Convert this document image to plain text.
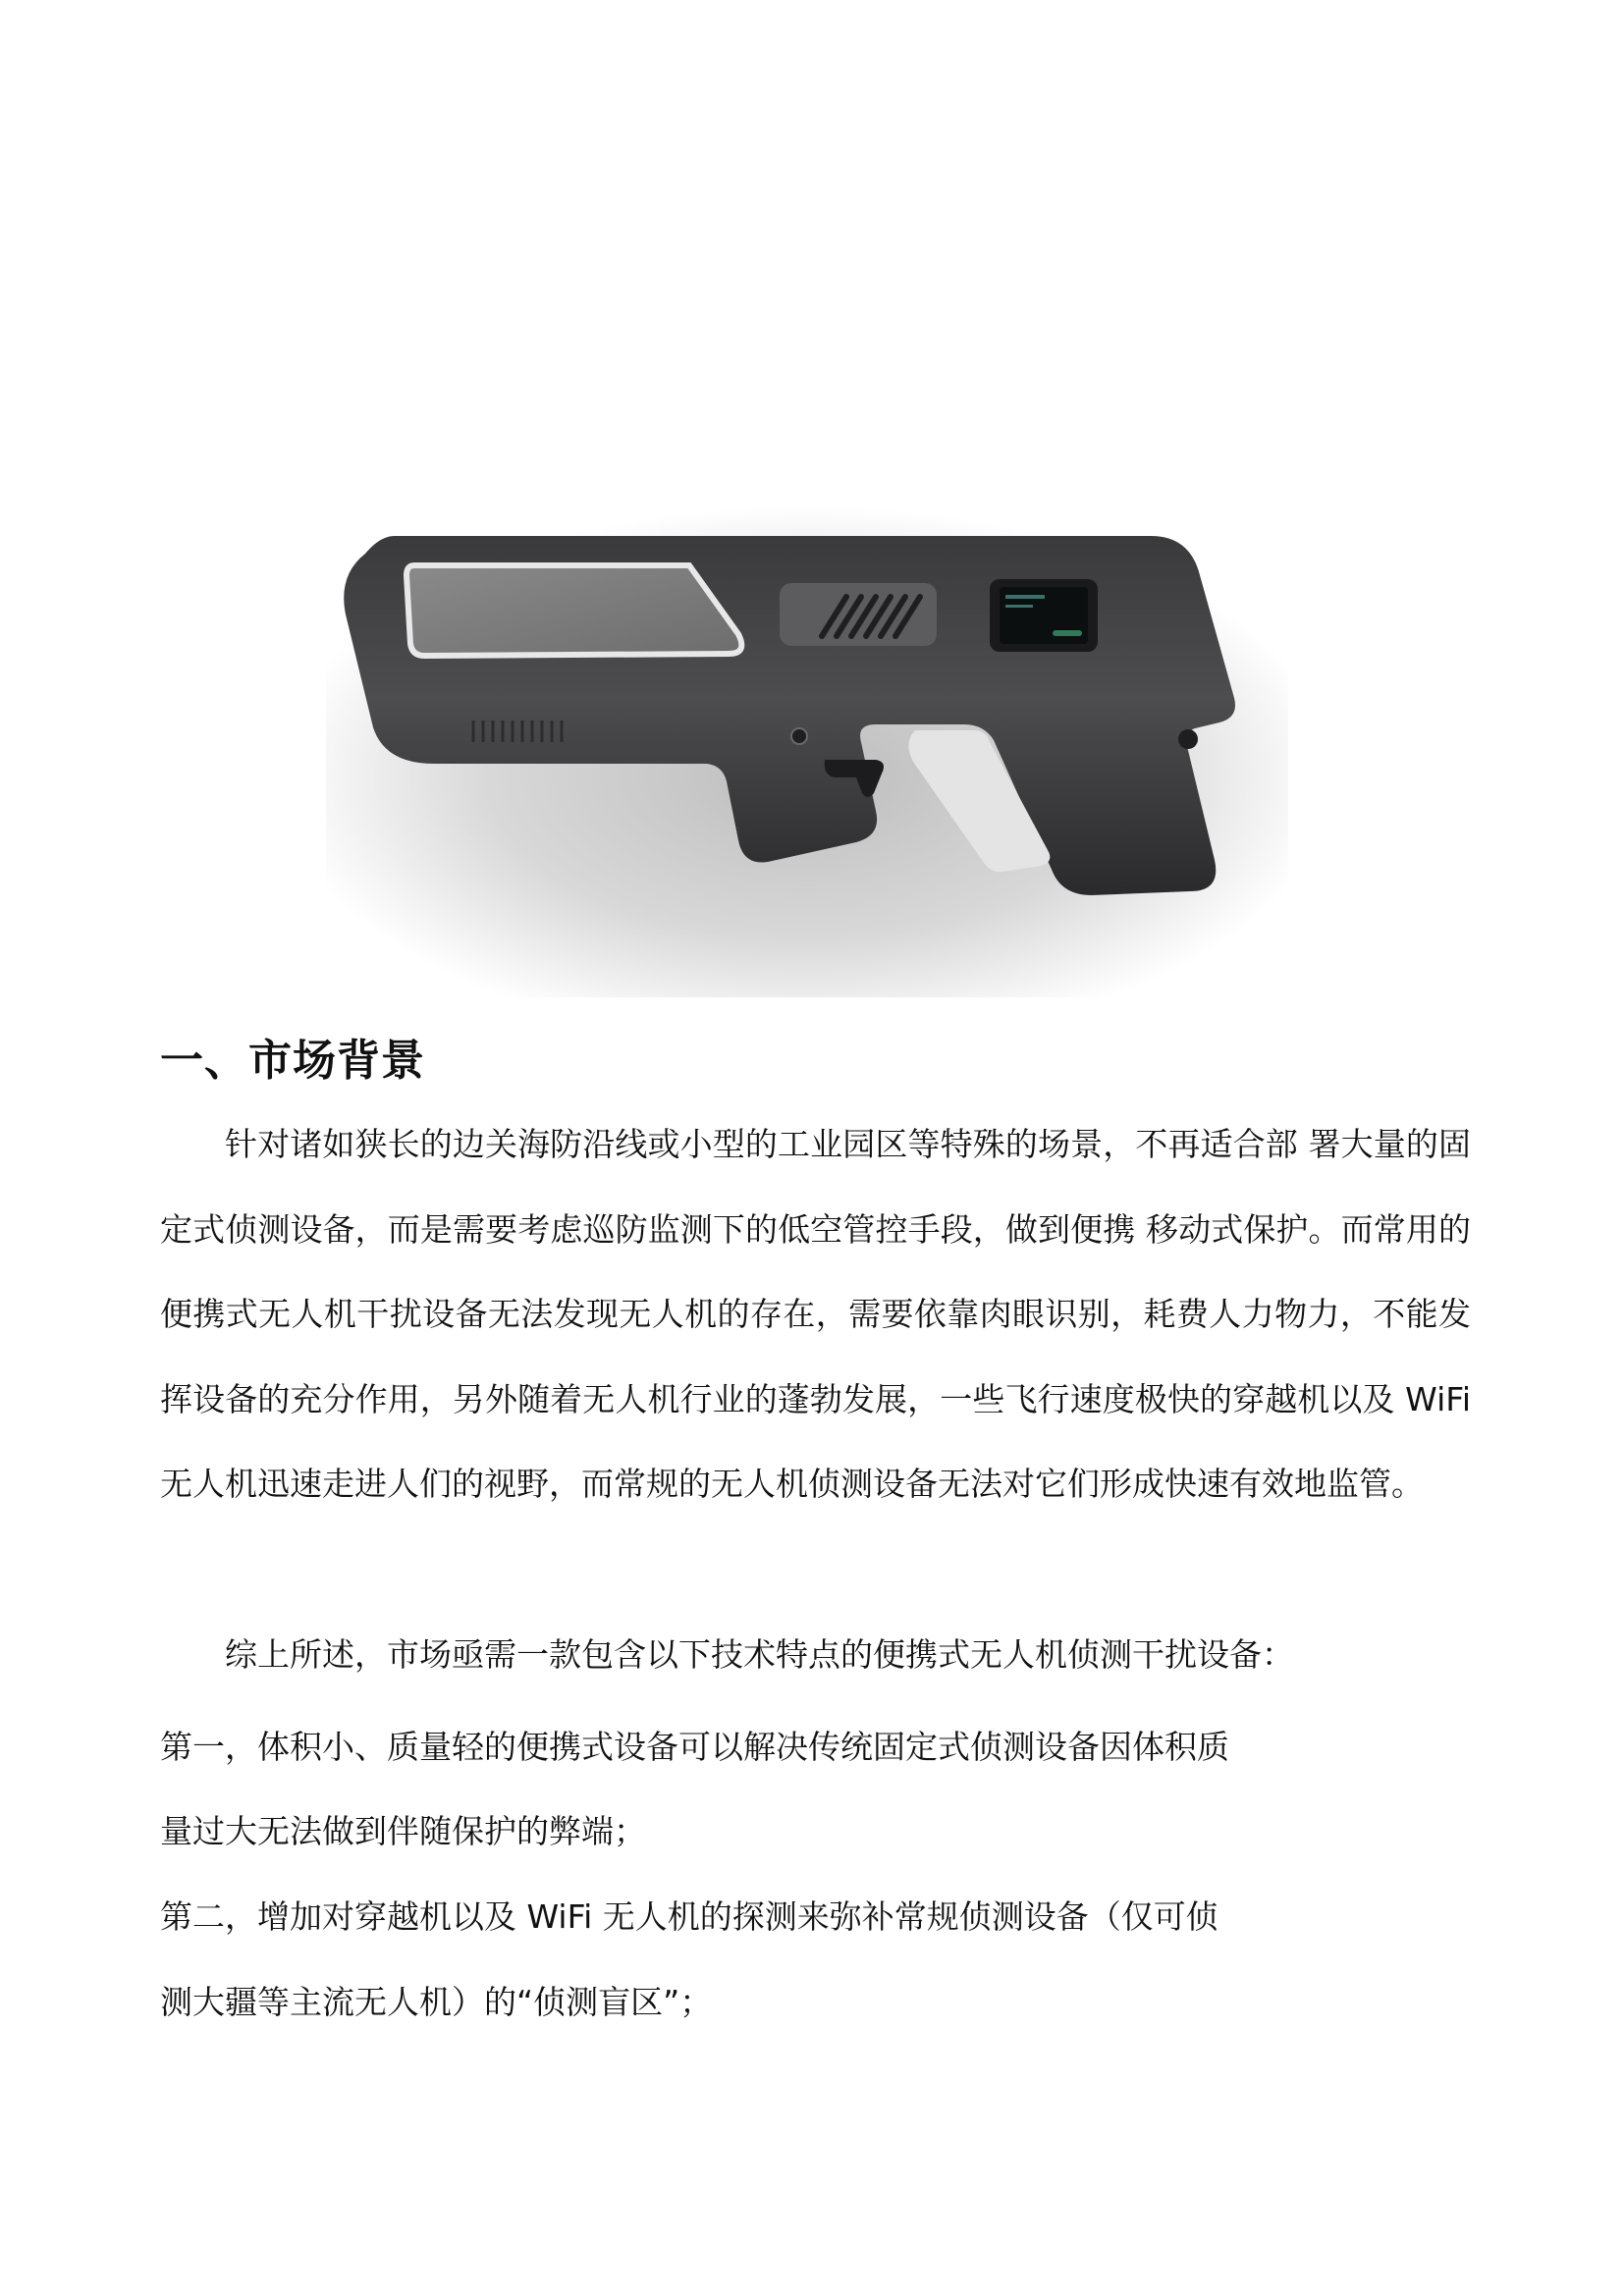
一、市场背景

针对诸如狭长的边关海防沿线或小型的工业园区等特殊的场景，不再适合部 署大量的固定式侦测设备，而是需要考虑巡防监测下的低空管控手段，做到便携 移动式保护。而常用的便携式无人机干扰设备无法发现无人机的存在，需要依靠肉眼识别，耗费人力物力，不能发挥设备的充分作用，另外随着无人机行业的蓬勃发展，一些飞行速度极快的穿越机以及 WiFi 无人机迅速走进人们的视野，而常规的无人机侦测设备无法对它们形成快速有效地监管。

综上所述，市场亟需一款包含以下技术特点的便携式无人机侦测干扰设备：

第一，体积小、质量轻的便携式设备可以解决传统固定式侦测设备因体积质

量过大无法做到伴随保护的弊端；

第二，增加对穿越机以及 WiFi 无人机的探测来弥补常规侦测设备（仅可侦

测大疆等主流无人机）的“侦测盲区”；
